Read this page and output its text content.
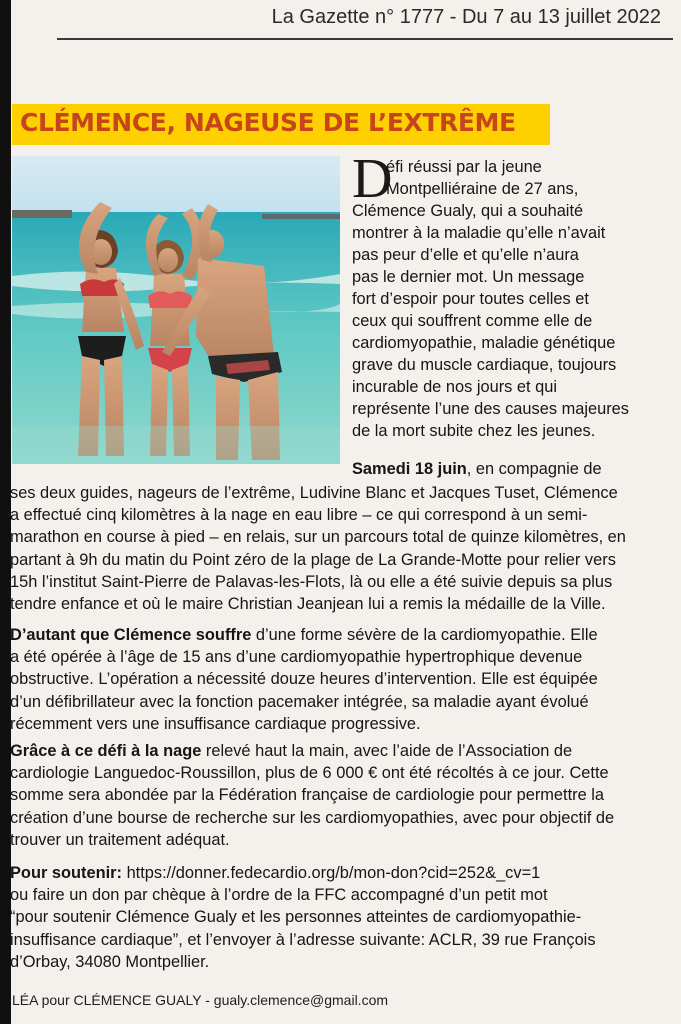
La Gazette n° 1777 - Du 7 au 13 juillet 2022
CLÉMENCE, NAGEUSE DE L’EXTRÊME
D
éfi réussi par la jeune
Montpelliéraine de 27 ans,
Clémence Gualy, qui a souhaité
montrer à la maladie qu’elle n’avait
pas peur d’elle et qu’elle n’aura
pas le dernier mot. Un message
fort d’espoir pour toutes celles et
ceux qui souffrent comme elle de
cardiomyopathie, maladie génétique
grave du muscle cardiaque, toujours
incurable de nos jours et qui
représente l’une des causes majeures
de la mort subite chez les jeunes.
Samedi 18 juin, en compagnie de
ses deux guides, nageurs de l’extrême, Ludivine Blanc et Jacques Tuset, Clémence
a effectué cinq kilomètres à la nage en eau libre – ce qui correspond à un semi-
marathon en course à pied – en relais, sur un parcours total de quinze kilomètres, en
partant à 9h du matin du Point zéro de la plage de La Grande-Motte pour relier vers
15h l’institut Saint-Pierre de Palavas-les-Flots, là ou elle a été suivie depuis sa plus
tendre enfance et où le maire Christian Jeanjean lui a remis la médaille de la Ville.
D’autant que Clémence souffre d’une forme sévère de la cardiomyopathie. Elle
a été opérée à l’âge de 15 ans d’une cardiomyopathie hypertrophique devenue
obstructive. L’opération a nécessité douze heures d’intervention. Elle est équipée
d’un défibrillateur avec la fonction pacemaker intégrée, sa maladie ayant évolué
récemment vers une insuffisance cardiaque progressive.
Grâce à ce défi à la nage relevé haut la main, avec l’aide de l’Association de
cardiologie Languedoc-Roussillon, plus de 6 000 € ont été récoltés à ce jour. Cette
somme sera abondée par la Fédération française de cardiologie pour permettre la
création d’une bourse de recherche sur les cardiomyopathies, avec pour objectif de
trouver un traitement adéquat.
Pour soutenir: https://donner.fedecardio.org/b/mon-don?cid=252&_cv=1
ou faire un don par chèque à l’ordre de la FFC accompagné d’un petit mot
“pour soutenir Clémence Gualy et les personnes atteintes de cardiomyopathie-
insuffisance cardiaque”, et l’envoyer à l’adresse suivante: ACLR, 39 rue François
d’Orbay, 34080 Montpellier.
LÉA pour CLÉMENCE GUALY - gualy.clemence@gmail.com
